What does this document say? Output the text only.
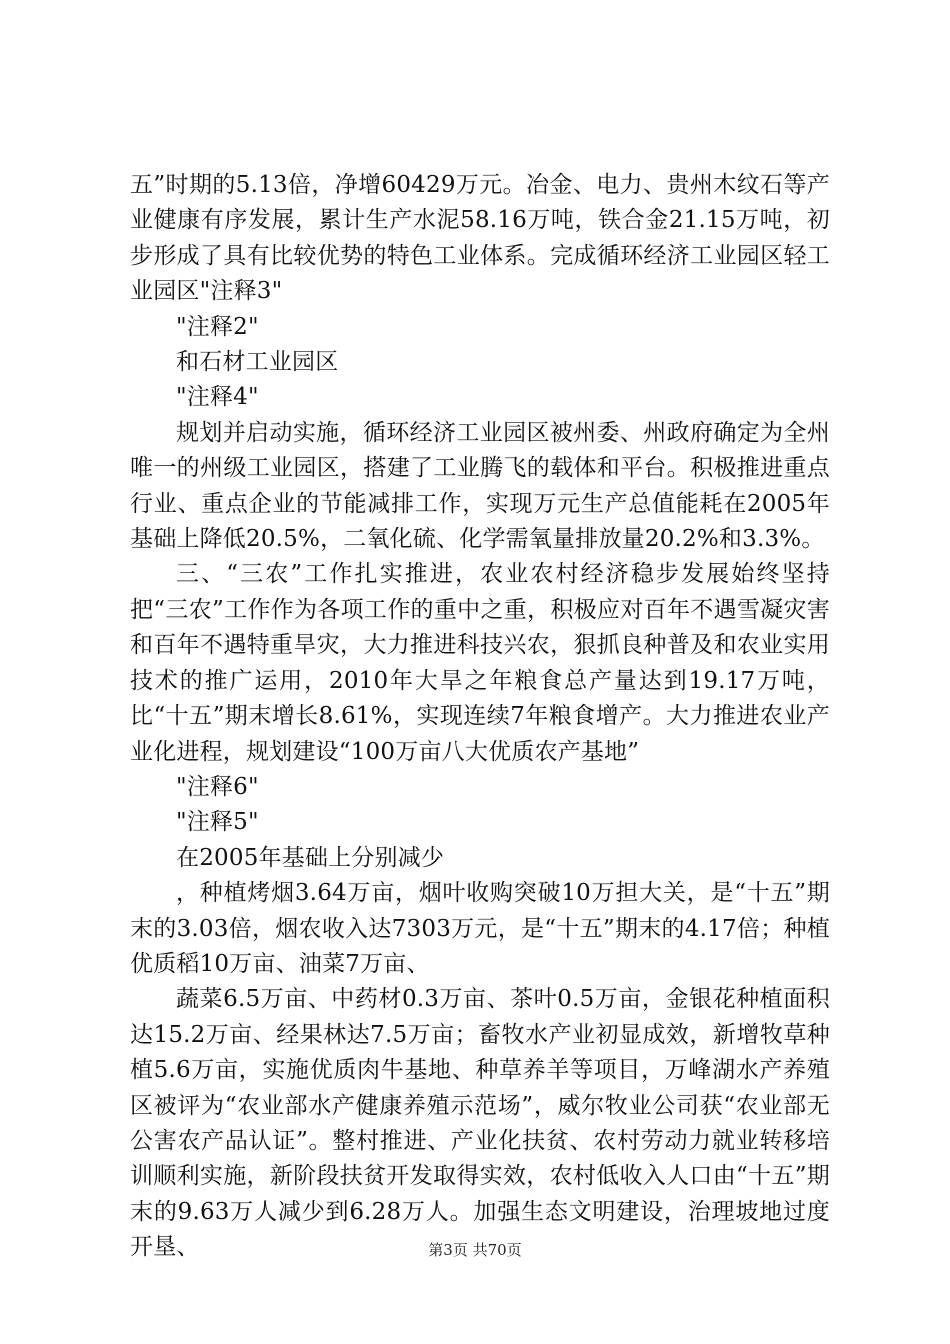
五”时期的5.13倍，净增60429万元。冶金、电力、贵州木纹石等产业健康有序发展，累计生产水泥58.16万吨，铁合金21.15万吨，初步形成了具有比较优势的特色工业体系。完成循环经济工业园区轻工业园区"注释3"

"注释2"

和石材工业园区

"注释4"

规划并启动实施，循环经济工业园区被州委、州政府确定为全州唯一的州级工业园区，搭建了工业腾飞的载体和平台。积极推进重点行业、重点企业的节能减排工作，实现万元生产总值能耗在2005年基础上降低20.5%，二氧化硫、化学需氧量排放量20.2%和3.3%。

三、“三农”工作扎实推进，农业农村经济稳步发展始终坚持把“三农”工作作为各项工作的重中之重，积极应对百年不遇雪凝灾害和百年不遇特重旱灾，大力推进科技兴农，狠抓良种普及和农业实用技术的推广运用，2010年大旱之年粮食总产量达到19.17万吨，比“十五”期末增长8.61%，实现连续7年粮食增产。大力推进农业产业化进程，规划建设“100万亩八大优质农产基地”

"注释6"

"注释5"

在2005年基础上分别减少

，种植烤烟3.64万亩，烟叶收购突破10万担大关，是“十五”期末的3.03倍，烟农收入达7303万元，是“十五”期末的4.17倍；种植优质稻10万亩、油菜7万亩、

蔬菜6.5万亩、中药材0.3万亩、茶叶0.5万亩，金银花种植面积达15.2万亩、经果林达7.5万亩；畜牧水产业初显成效，新增牧草种植5.6万亩，实施优质肉牛基地、种草养羊等项目，万峰湖水产养殖区被评为“农业部水产健康养殖示范场”，威尔牧业公司获“农业部无公害农产品认证”。整村推进、产业化扶贫、农村劳动力就业转移培训顺利实施，新阶段扶贫开发取得实效，农村低收入人口由“十五”期末的9.63万人减少到6.28万人。加强生态文明建设，治理坡地过度开垦、	第3页 共70页
